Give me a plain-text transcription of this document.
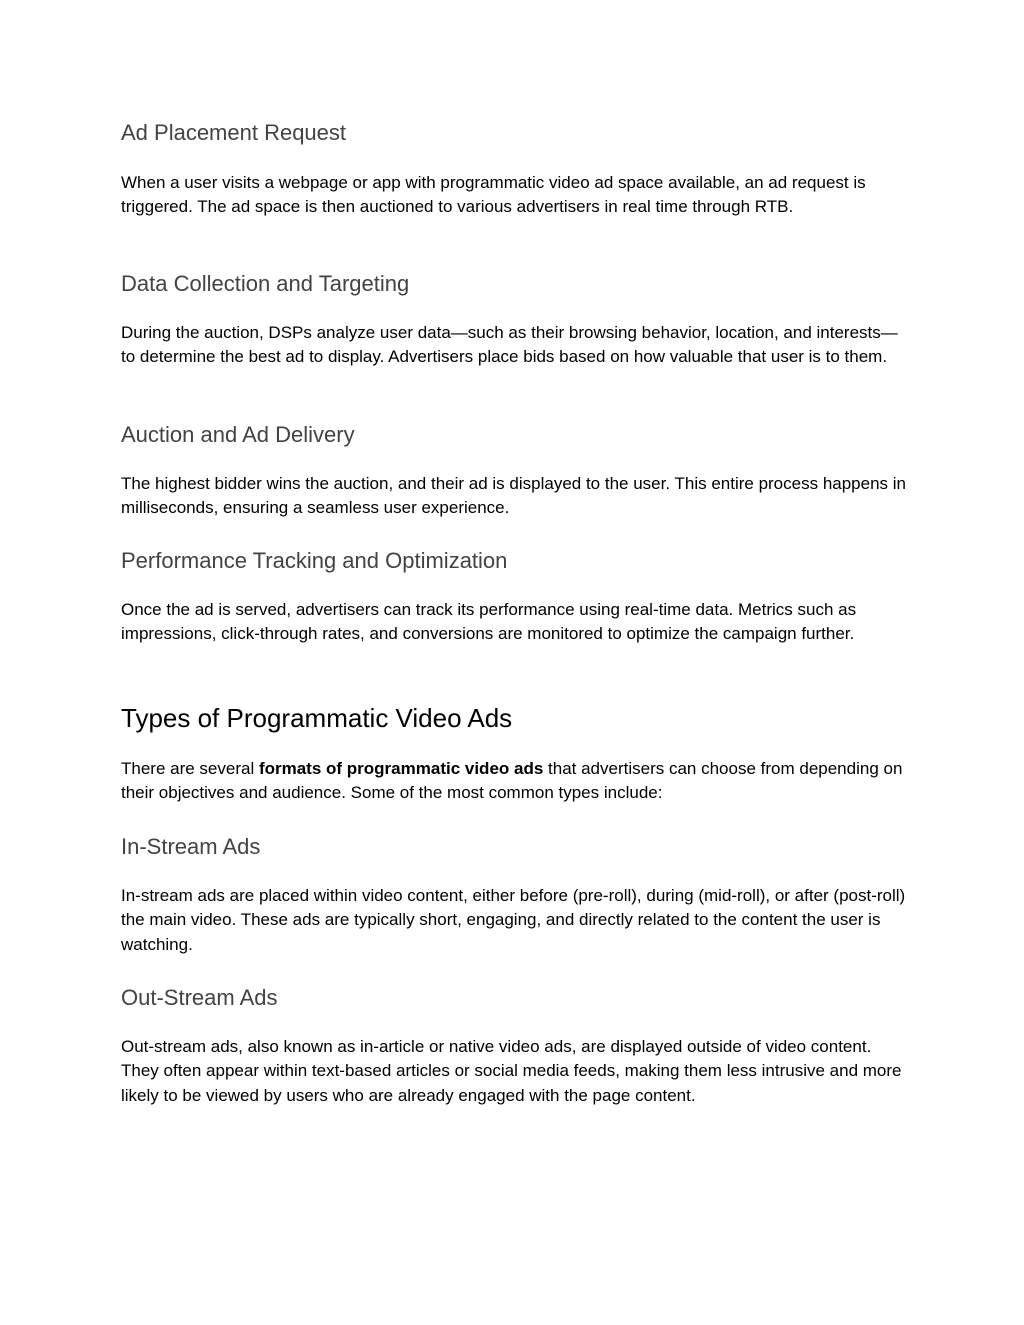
Ad Placement Request

When a user visits a webpage or app with programmatic video ad space available, an ad request is triggered. The ad space is then auctioned to various advertisers in real time through RTB.

Data Collection and Targeting

During the auction, DSPs analyze user data—such as their browsing behavior, location, and interests—to determine the best ad to display. Advertisers place bids based on how valuable that user is to them.

Auction and Ad Delivery

The highest bidder wins the auction, and their ad is displayed to the user. This entire process happens in milliseconds, ensuring a seamless user experience.

Performance Tracking and Optimization

Once the ad is served, advertisers can track its performance using real-time data. Metrics such as impressions, click-through rates, and conversions are monitored to optimize the campaign further.

Types of Programmatic Video Ads

There are several formats of programmatic video ads that advertisers can choose from depending on their objectives and audience. Some of the most common types include:

In-Stream Ads

In-stream ads are placed within video content, either before (pre-roll), during (mid-roll), or after (post-roll) the main video. These ads are typically short, engaging, and directly related to the content the user is watching.

Out-Stream Ads

Out-stream ads, also known as in-article or native video ads, are displayed outside of video content. They often appear within text-based articles or social media feeds, making them less intrusive and more likely to be viewed by users who are already engaged with the page content.
